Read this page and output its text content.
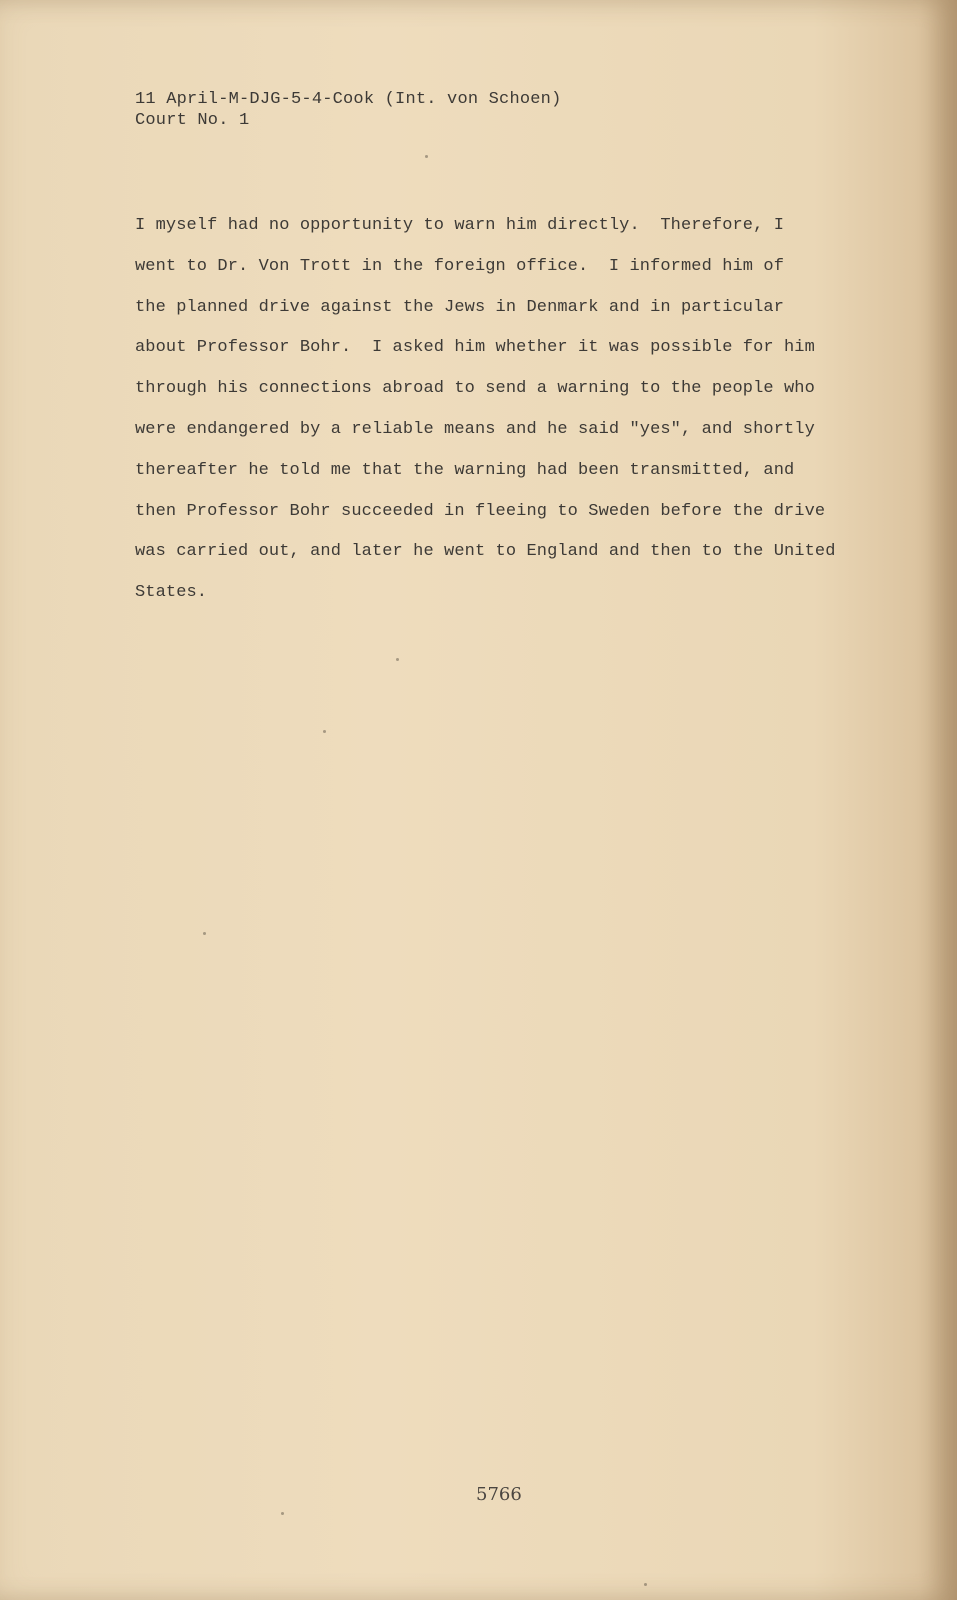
11 April-M-DJG-5-4-Cook (Int. von Schoen)
Court No. 1
I myself had no opportunity to warn him directly.  Therefore, I
went to Dr. Von Trott in the foreign office.  I informed him of
the planned drive against the Jews in Denmark and in particular
about Professor Bohr.  I asked him whether it was possible for him
through his connections abroad to send a warning to the people who
were endangered by a reliable means and he said "yes", and shortly
thereafter he told me that the warning had been transmitted, and
then Professor Bohr succeeded in fleeing to Sweden before the drive
was carried out, and later he went to England and then to the United
States.
5766
